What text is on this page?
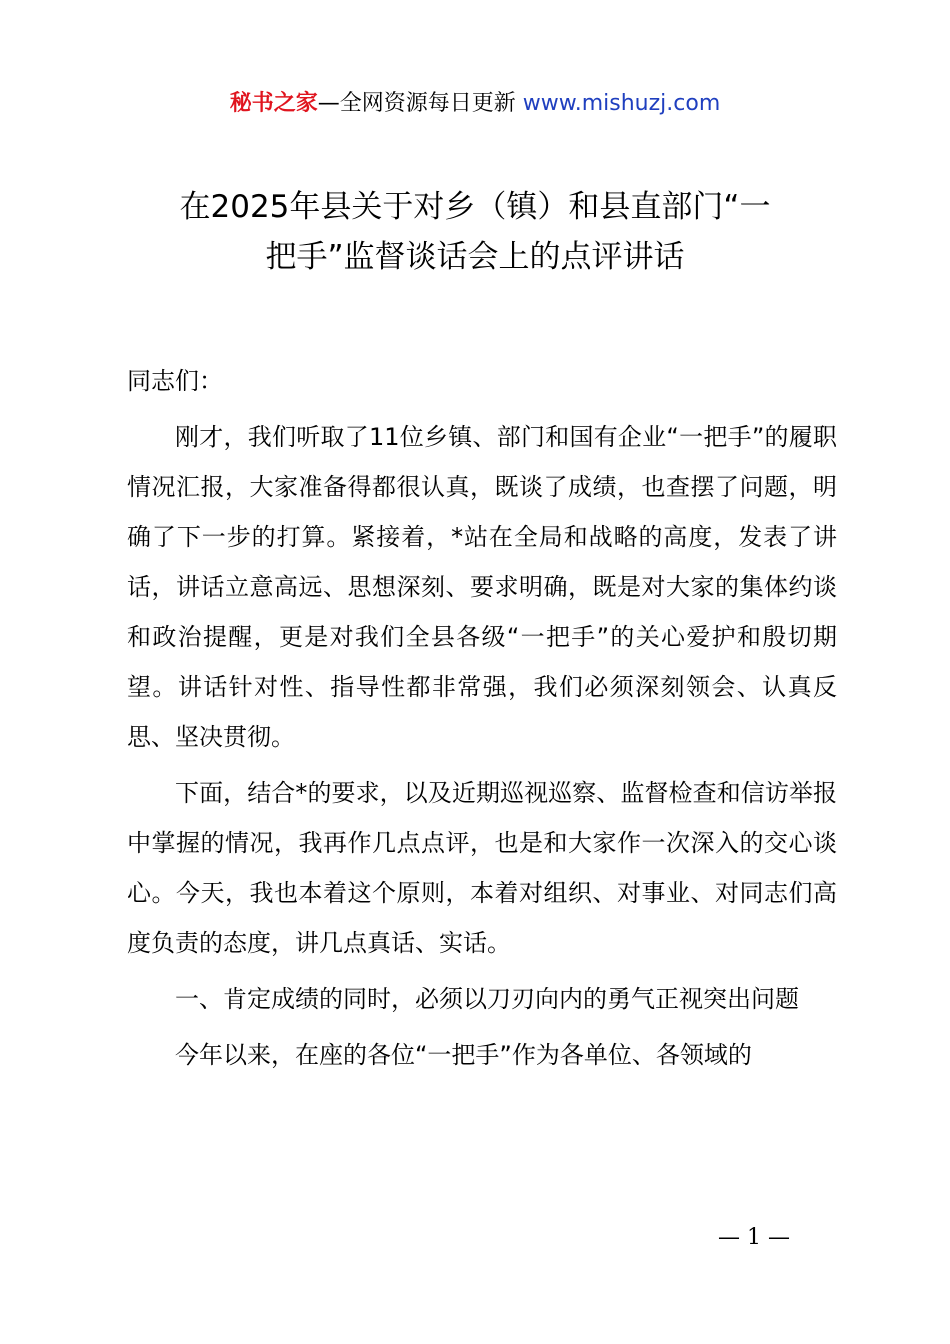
秘书之家—全网资源每日更新 www.mishuzj.com
在2025年县关于对乡（镇）和县直部门“一
把手”监督谈话会上的点评讲话

同志们：

刚才，我们听取了11位乡镇、部门和国有企业“一把手”的履职情况汇报，大家准备得都很认真，既谈了成绩，也查摆了问题，明确了下一步的打算。紧接着，*站在全局和战略的高度，发表了讲话，讲话立意高远、思想深刻、要求明确，既是对大家的集体约谈和政治提醒，更是对我们全县各级“一把手”的关心爱护和殷切期望。讲话针对性、指导性都非常强，我们必须深刻领会、认真反思、坚决贯彻。

下面，结合*的要求，以及近期巡视巡察、监督检查和信访举报中掌握的情况，我再作几点点评，也是和大家作一次深入的交心谈心。今天，我也本着这个原则，本着对组织、对事业、对同志们高度负责的态度，讲几点真话、实话。

一、肯定成绩的同时，必须以刀刃向内的勇气正视突出问题

今年以来，在座的各位“一把手”作为各单位、各领域的

— 1 —
